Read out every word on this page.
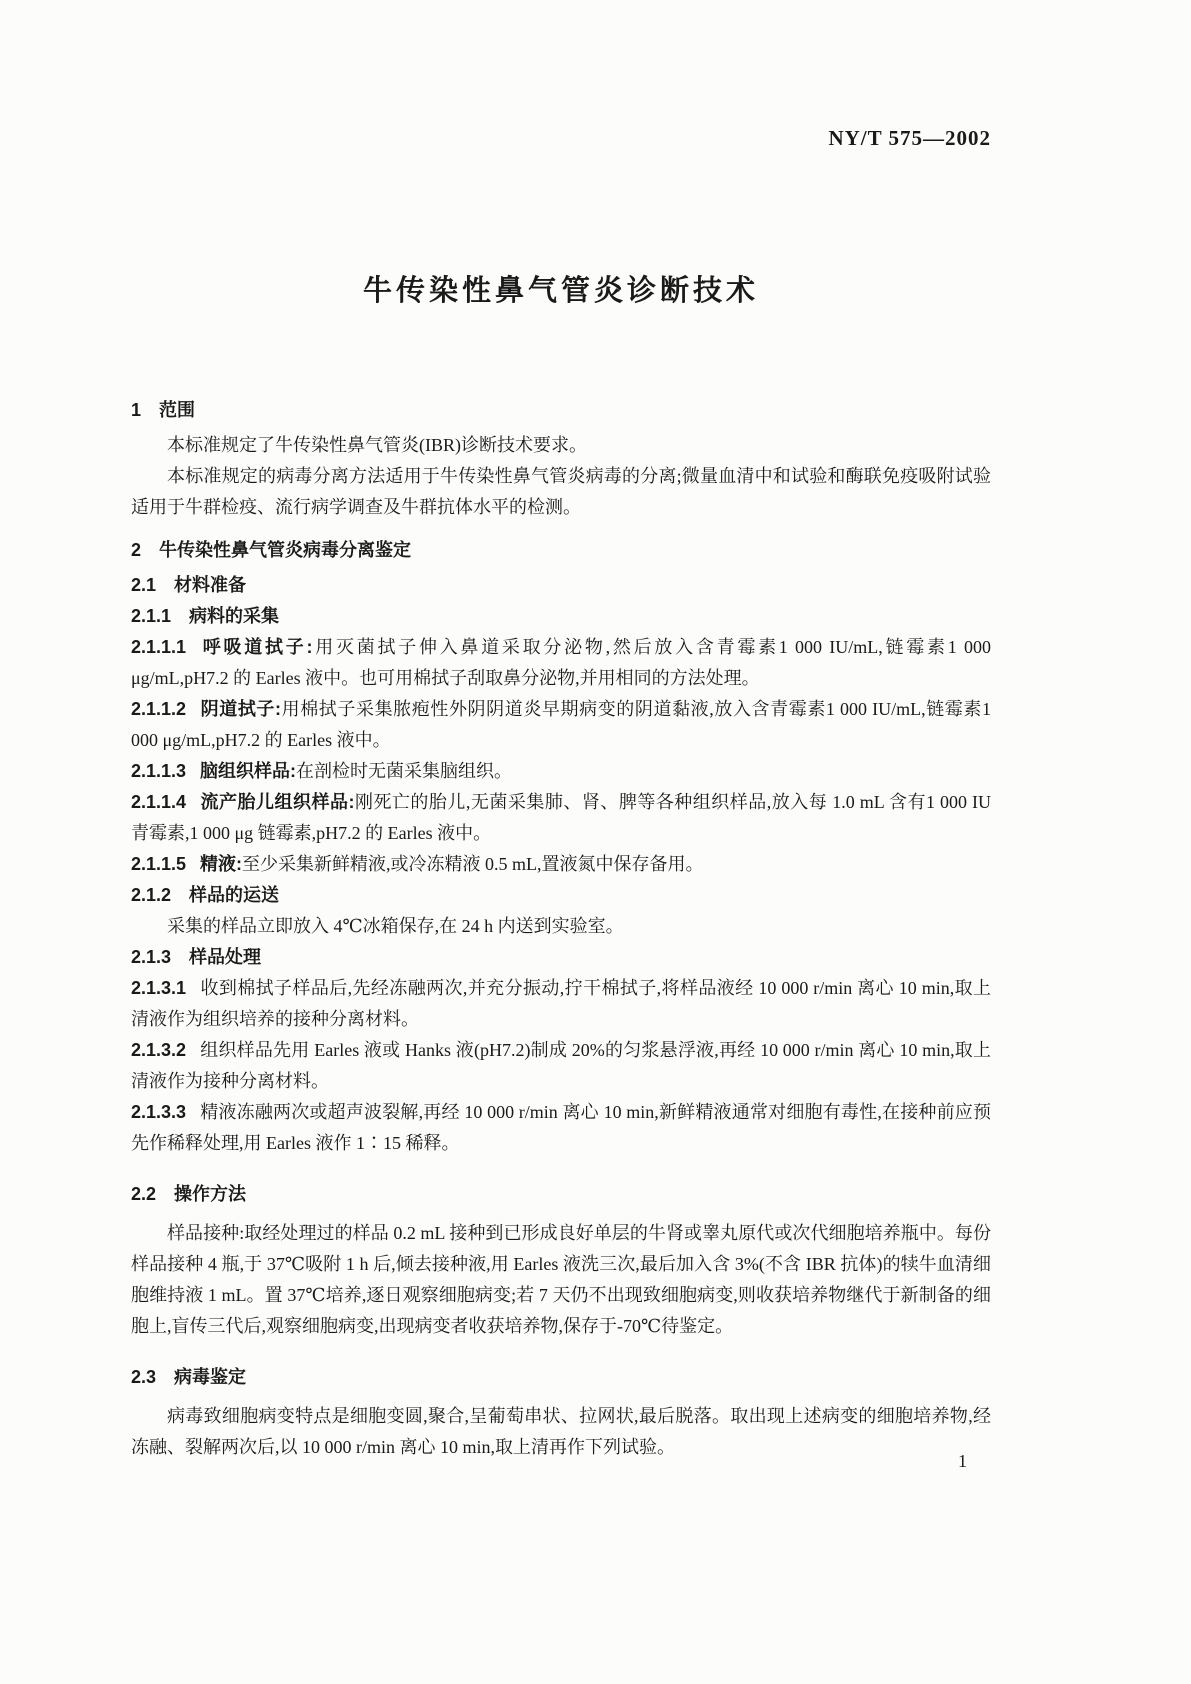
NY/T 575—2002
牛传染性鼻气管炎诊断技术

1 范围

本标准规定了牛传染性鼻气管炎(IBR)诊断技术要求。

本标准规定的病毒分离方法适用于牛传染性鼻气管炎病毒的分离;微量血清中和试验和酶联免疫吸附试验适用于牛群检疫、流行病学调查及牛群抗体水平的检测。

2 牛传染性鼻气管炎病毒分离鉴定

2.1 材料准备

2.1.1 病料的采集

2.1.1.1 呼吸道拭子:用灭菌拭子伸入鼻道采取分泌物,然后放入含青霉素1 000 IU/mL,链霉素1 000 μg/mL,pH7.2 的 Earles 液中。也可用棉拭子刮取鼻分泌物,并用相同的方法处理。

2.1.1.2 阴道拭子:用棉拭子采集脓疱性外阴阴道炎早期病变的阴道黏液,放入含青霉素1 000 IU/mL,链霉素1 000 μg/mL,pH7.2 的 Earles 液中。

2.1.1.3 脑组织样品:在剖检时无菌采集脑组织。

2.1.1.4 流产胎儿组织样品:刚死亡的胎儿,无菌采集肺、肾、脾等各种组织样品,放入每 1.0 mL 含有1 000 IU 青霉素,1 000 μg 链霉素,pH7.2 的 Earles 液中。

2.1.1.5 精液:至少采集新鲜精液,或冷冻精液 0.5 mL,置液氮中保存备用。

2.1.2 样品的运送

采集的样品立即放入 4℃冰箱保存,在 24 h 内送到实验室。

2.1.3 样品处理

2.1.3.1 收到棉拭子样品后,先经冻融两次,并充分振动,拧干棉拭子,将样品液经 10 000 r/min 离心 10 min,取上清液作为组织培养的接种分离材料。

2.1.3.2 组织样品先用 Earles 液或 Hanks 液(pH7.2)制成 20%的匀浆悬浮液,再经 10 000 r/min 离心 10 min,取上清液作为接种分离材料。

2.1.3.3 精液冻融两次或超声波裂解,再经 10 000 r/min 离心 10 min,新鲜精液通常对细胞有毒性,在接种前应预先作稀释处理,用 Earles 液作 1∶15 稀释。

2.2 操作方法

样品接种:取经处理过的样品 0.2 mL 接种到已形成良好单层的牛肾或睾丸原代或次代细胞培养瓶中。每份样品接种 4 瓶,于 37℃吸附 1 h 后,倾去接种液,用 Earles 液洗三次,最后加入含 3%(不含 IBR 抗体)的犊牛血清细胞维持液 1 mL。置 37℃培养,逐日观察细胞病变;若 7 天仍不出现致细胞病变,则收获培养物继代于新制备的细胞上,盲传三代后,观察细胞病变,出现病变者收获培养物,保存于-70℃待鉴定。

2.3 病毒鉴定

病毒致细胞病变特点是细胞变圆,聚合,呈葡萄串状、拉网状,最后脱落。取出现上述病变的细胞培养物,经冻融、裂解两次后,以 10 000 r/min 离心 10 min,取上清再作下列试验。

1
